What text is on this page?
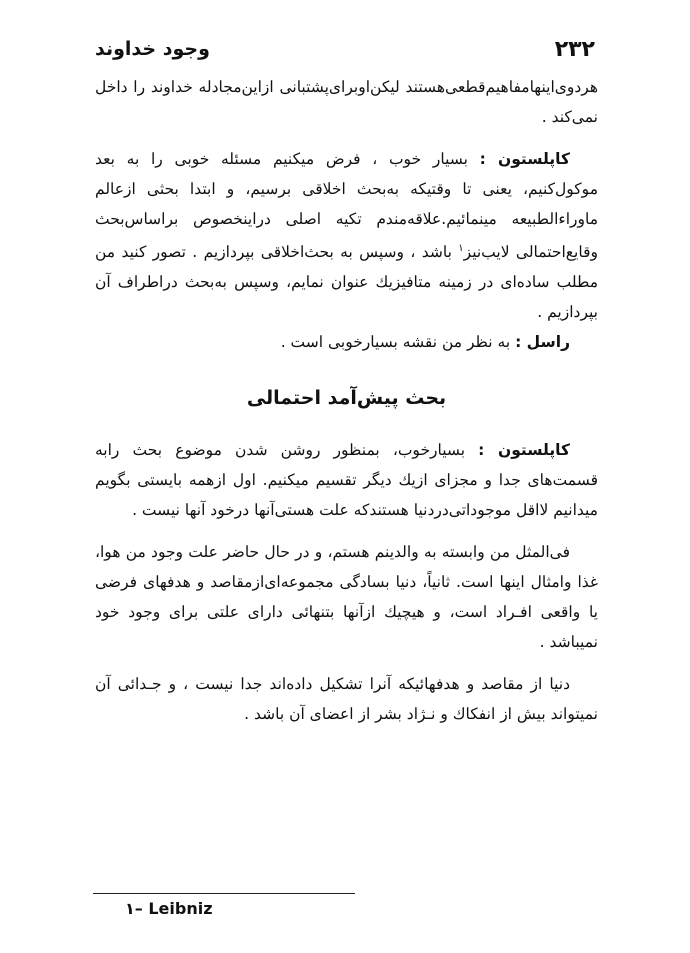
۲۳۲
وجود خداوند

هردو‌ی‌اینها‌مفاهیم‌قطعی‌هستند لیکن‌او‌برای‌پشتبانی ازاین‌مجادله خداوند را داخل نمی‌کند .

کاپلستون : بسیار خوب ، فرض میکنیم مسئله خوبی را به بعد موکول‌کنیم، یعنی تا وقتیکه به‌بحث اخلاقی برسیم، و ابتدا بحثی ازعالم ماوراءالطبیعه مینمائیم.علاقه‌مندم تکیه اصلی دراینخصوص براساس‌بحث وقایع‌احتمالی لایب‌نیز$^۱$ باشد ، وسپس به بحث‌اخلاقی بپردازیم . تصور کنید من مطلب ساده‌ای در زمینه متافیزیك عنوان نمایم، وسپس به‌بحث دراطراف آن بپردازیم .

راسل : به نظر من نقشه بسیارخوبی است .

بحث پیش‌آمد احتمالی

کاپلستون : بسیارخوب، بمنظور روشن شدن موضوع بحث را‌به قسمت‌های جدا و مجزای ازیك دیگر تقسیم میکنیم. اول ازهمه بایستی بگویم میدانیم لااقل موجوداتی‌دردنیا هستندکه علت هستی‌آنها درخود آنها نیست .

فی‌المثل من وابسته به والدینم هستم، و در حال حاضر علت وجود من هوا، غذا وامثال اینها است. ثانیاً، دنیا بسادگی مجموعه‌ای‌ازمقاصد و هدفهای فرضی یا واقعی افـراد است، و هیچیك ازآنها بتنهائی دارای علتی برای وجود خود نمیباشد .

دنیا از مقاصد و هدفهائیکه آنرا تشکیل داده‌اند جدا نیست ، و جـدائی آن نمیتواند بیش از انفکاك و نـژاد بشر از اعضای آن باشد .

۱– Leibniz
